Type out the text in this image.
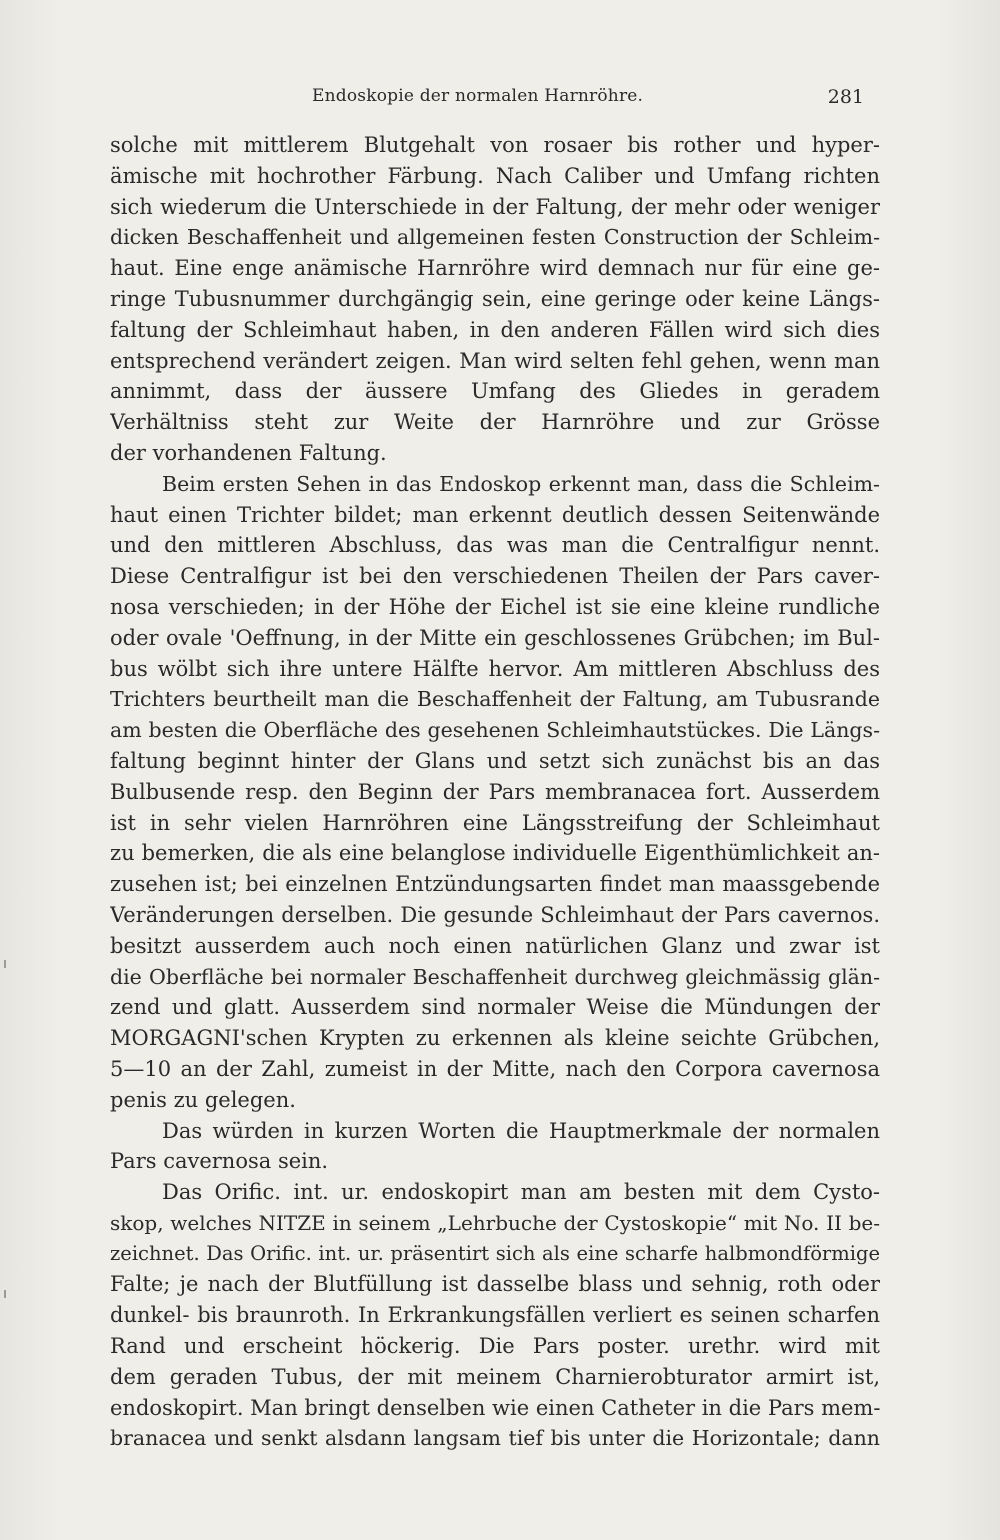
Endoskopie der normalen Harnröhre.	281
solche mit mittlerem Blutgehalt von rosaer bis rother und hyper-
ämische mit hochrother Färbung. Nach Caliber und Umfang richten
sich wiederum die Unterschiede in der Faltung, der mehr oder weniger
dicken Beschaffenheit und allgemeinen festen Construction der Schleim-
haut. Eine enge anämische Harnröhre wird demnach nur für eine ge-
ringe Tubusnummer durchgängig sein, eine geringe oder keine Längs-
faltung der Schleimhaut haben, in den anderen Fällen wird sich dies
entsprechend verändert zeigen. Man wird selten fehl gehen, wenn man
annimmt, dass der äussere Umfang des Gliedes in geradem
Verhältniss steht zur Weite der Harnröhre und zur Grösse
der vorhandenen Faltung.
Beim ersten Sehen in das Endoskop erkennt man, dass die Schleim-
haut einen Trichter bildet; man erkennt deutlich dessen Seitenwände
und den mittleren Abschluss, das was man die Centralfigur nennt.
Diese Centralfigur ist bei den verschiedenen Theilen der Pars caver-
nosa verschieden; in der Höhe der Eichel ist sie eine kleine rundliche
oder ovale 'Oeffnung, in der Mitte ein geschlossenes Grübchen; im Bul-
bus wölbt sich ihre untere Hälfte hervor. Am mittleren Abschluss des
Trichters beurtheilt man die Beschaffenheit der Faltung, am Tubusrande
am besten die Oberfläche des gesehenen Schleimhautstückes. Die Längs-
faltung beginnt hinter der Glans und setzt sich zunächst bis an das
Bulbusende resp. den Beginn der Pars membranacea fort. Ausserdem
ist in sehr vielen Harnröhren eine Längsstreifung der Schleimhaut
zu bemerken, die als eine belanglose individuelle Eigenthümlichkeit an-
zusehen ist; bei einzelnen Entzündungsarten findet man maassgebende
Veränderungen derselben. Die gesunde Schleimhaut der Pars cavernos.
besitzt ausserdem auch noch einen natürlichen Glanz und zwar ist
die Oberfläche bei normaler Beschaffenheit durchweg gleichmässig glän-
zend und glatt. Ausserdem sind normaler Weise die Mündungen der
MORGAGNI'schen Krypten zu erkennen als kleine seichte Grübchen,
5—10 an der Zahl, zumeist in der Mitte, nach den Corpora cavernosa
penis zu gelegen.
Das würden in kurzen Worten die Hauptmerkmale der normalen
Pars cavernosa sein.
Das Orific. int. ur. endoskopirt man am besten mit dem Cysto-
skop, welches NITZE in seinem „Lehrbuche der Cystoskopie“ mit No. II be-
zeichnet. Das Orific. int. ur. präsentirt sich als eine scharfe halbmondförmige
Falte; je nach der Blutfüllung ist dasselbe blass und sehnig, roth oder
dunkel- bis braunroth. In Erkrankungsfällen verliert es seinen scharfen
Rand und erscheint höckerig. Die Pars poster. urethr. wird mit
dem geraden Tubus, der mit meinem Charnierobturator armirt ist,
endoskopirt. Man bringt denselben wie einen Catheter in die Pars mem-
branacea und senkt alsdann langsam tief bis unter die Horizontale; dann
